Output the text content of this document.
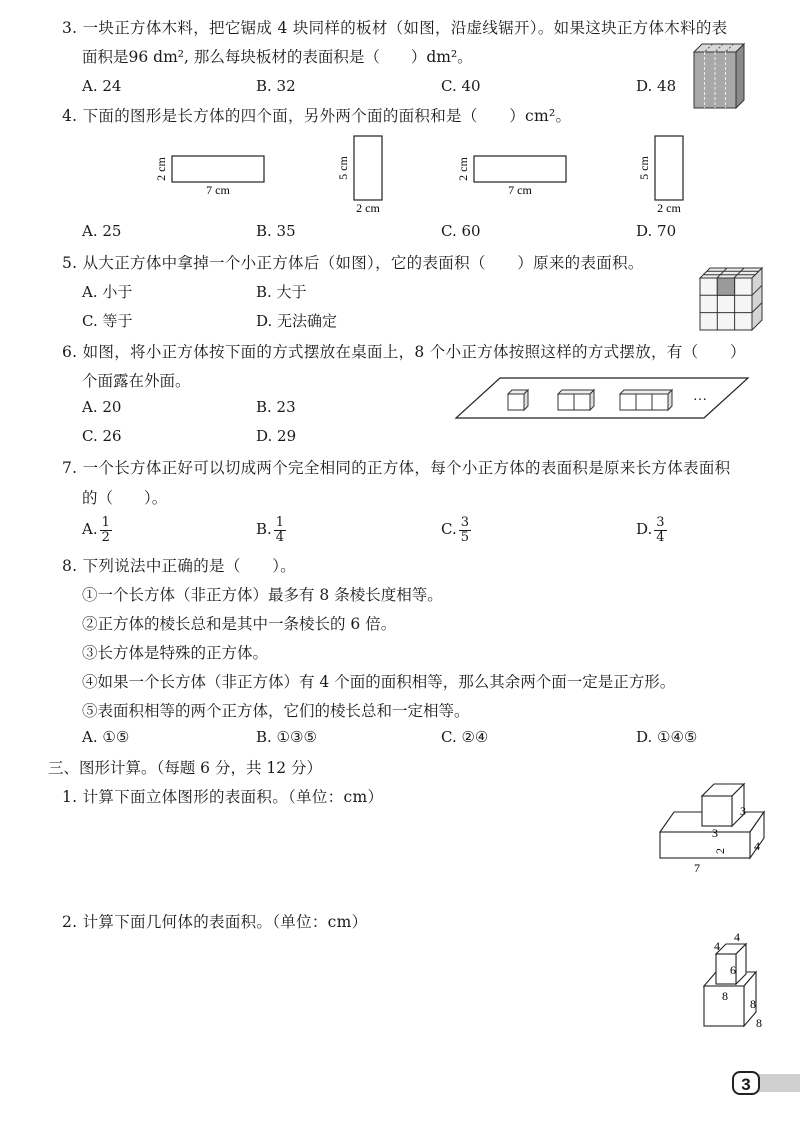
3. 一块正方体木料，把它锯成 4 块同样的板材（如图，沿虚线锯开）。如果这块正方体木料的表
面积是96 dm², 那么每块板材的表面积是（　　）dm²。
A. 24	B. 32	C. 40	D. 48
4. 下面的图形是长方体的四个面，另外两个面的面积和是（　　）cm²。
2 cm
7 cm
5 cm
2 cm
2 cm
7 cm
5 cm
2 cm
A. 25	B. 35	C. 60	D. 70
5. 从大正方体中拿掉一个小正方体后（如图），它的表面积（　　）原来的表面积。
A. 小于	B. 大于
C. 等于	D. 无法确定
6. 如图，将小正方体按下面的方式摆放在桌面上，8 个小正方体按照这样的方式摆放，有（　　）
个面露在外面。
A. 20	B. 23
C. 26	D. 29
···
7. 一个长方体正好可以切成两个完全相同的正方体，每个小正方体的表面积是原来长方体表面积
的（　　）。
A. $\frac{1}{2}$	B. $\frac{1}{4}$	C. $\frac{3}{5}$	D. $\frac{3}{4}$
8. 下列说法中正确的是（　　）。
①一个长方体（非正方体）最多有 8 条棱长度相等。
②正方体的棱长总和是其中一条棱长的 6 倍。
③长方体是特殊的正方体。
④如果一个长方体（非正方体）有 4 个面的面积相等，那么其余两个面一定是正方形。
⑤表面积相等的两个正方体，它们的棱长总和一定相等。
A. ①⑤	B. ①③⑤	C. ②④	D. ①④⑤
三、图形计算。（每题 6 分，共 12 分）
1. 计算下面立体图形的表面积。（单位：cm）
3
3
2 4
7
2. 计算下面几何体的表面积。（单位：cm）
4
4
6
8
8
8
3
